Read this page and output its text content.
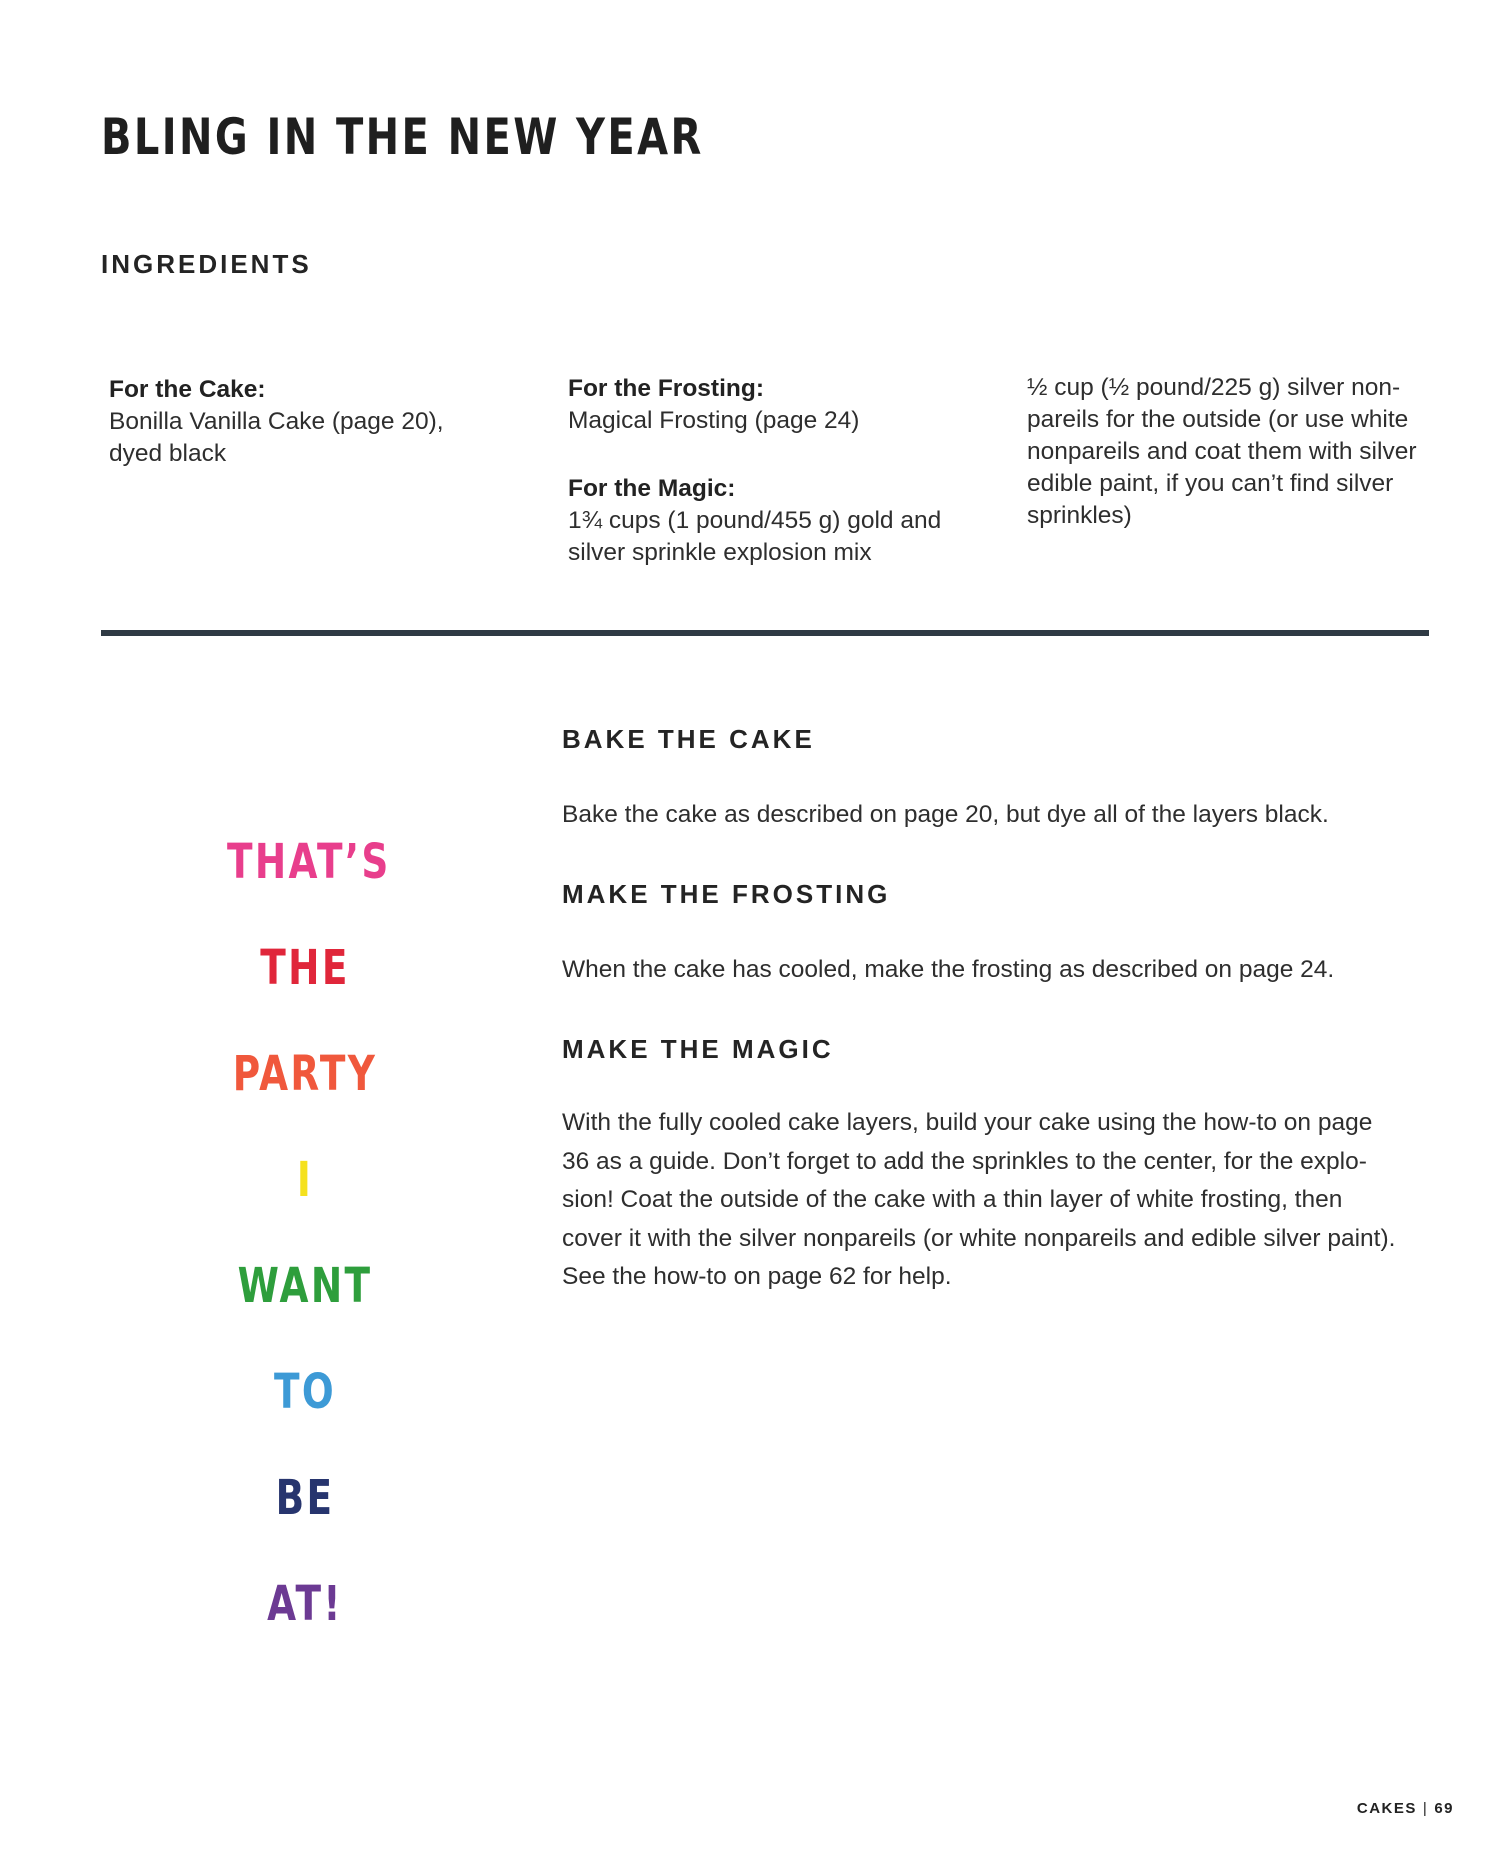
BLING IN THE NEW YEAR
INGREDIENTS
For the Cake:
Bonilla Vanilla Cake (page 20),
dyed black
For the Frosting:
Magical Frosting (page 24)
For the Magic:
1¾ cups (1 pound/455 g) gold and
silver sprinkle explosion mix
½ cup (½ pound/225 g) silver non-
pareils for the outside (or use white
nonpareils and coat them with silver
edible paint, if you can’t find silver
sprinkles)
BAKE THE CAKE
Bake the cake as described on page 20, but dye all of the layers black.
MAKE THE FROSTING
When the cake has cooled, make the frosting as described on page 24.
MAKE THE MAGIC
With the fully cooled cake layers, build your cake using the how-to on page
36 as a guide. Don’t forget to add the sprinkles to the center, for the explo-
sion! Coat the outside of the cake with a thin layer of white frosting, then
cover it with the silver nonpareils (or white nonpareils and edible silver paint).
See the how-to on page 62 for help.
THAT’S
THE
PARTY
I
WANT
TO
BE
AT!
CAKES | 69
